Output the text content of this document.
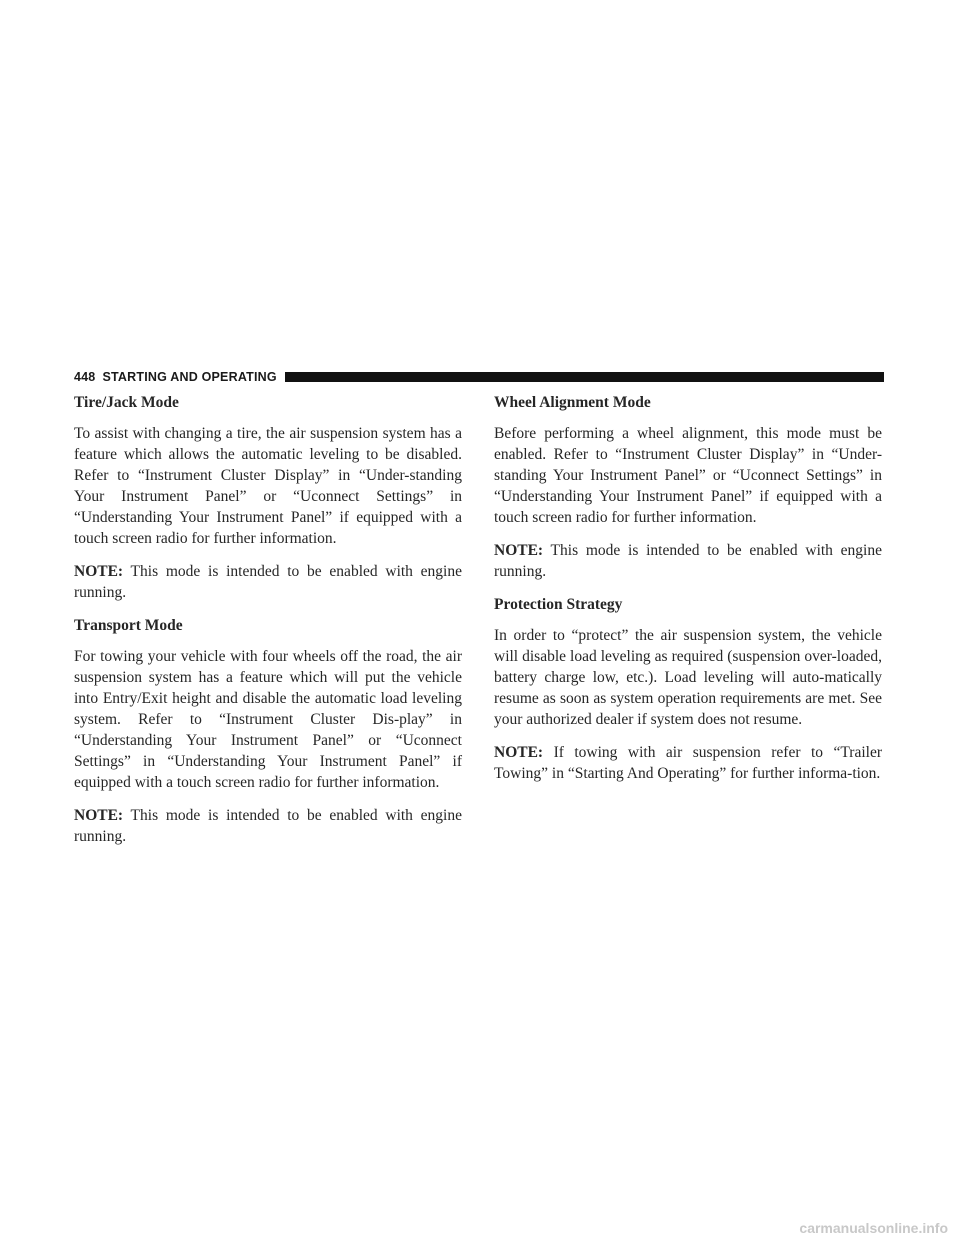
448 STARTING AND OPERATING
Tire/Jack Mode

To assist with changing a tire, the air suspension system has a feature which allows the automatic leveling to be disabled. Refer to “Instrument Cluster Display” in “Under-standing Your Instrument Panel” or “Uconnect Settings” in “Understanding Your Instrument Panel” if equipped with a touch screen radio for further information.

NOTE: This mode is intended to be enabled with engine running.

Transport Mode

For towing your vehicle with four wheels off the road, the air suspension system has a feature which will put the vehicle into Entry/Exit height and disable the automatic load leveling system. Refer to “Instrument Cluster Dis-play” in “Understanding Your Instrument Panel” or “Uconnect Settings” in “Understanding Your Instrument Panel” if equipped with a touch screen radio for further information.

NOTE: This mode is intended to be enabled with engine running.

Wheel Alignment Mode

Before performing a wheel alignment, this mode must be enabled. Refer to “Instrument Cluster Display” in “Under-standing Your Instrument Panel” or “Uconnect Settings” in “Understanding Your Instrument Panel” if equipped with a touch screen radio for further information.

NOTE: This mode is intended to be enabled with engine running.

Protection Strategy

In order to “protect” the air suspension system, the vehicle will disable load leveling as required (suspension over-loaded, battery charge low, etc.). Load leveling will auto-matically resume as soon as system operation requirements are met. See your authorized dealer if system does not resume.

NOTE: If towing with air suspension refer to “Trailer Towing” in “Starting And Operating” for further informa-tion.

carmanualsonline.info
